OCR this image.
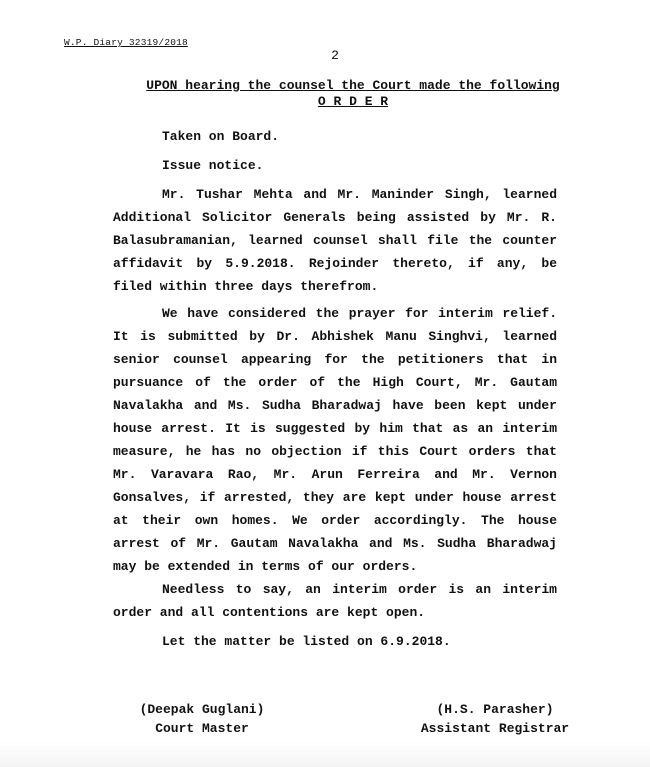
W.P. Diary 32319/2018
2
UPON hearing the counsel the Court made the following
O R D E R

Taken on Board.

Issue notice.

Mr. Tushar Mehta and Mr. Maninder Singh, learned Additional Solicitor Generals being assisted by Mr. R. Balasubramanian, learned counsel shall file the counter affidavit by 5.9.2018. Rejoinder thereto, if any, be filed within three days therefrom.

We have considered the prayer for interim relief. It is submitted by Dr. Abhishek Manu Singhvi, learned senior counsel appearing for the petitioners that in pursuance of the order of the High Court, Mr. Gautam Navalakha and Ms. Sudha Bharadwaj have been kept under house arrest. It is suggested by him that as an interim measure, he has no objection if this Court orders that Mr. Varavara Rao, Mr. Arun Ferreira and Mr. Vernon Gonsalves, if arrested, they are kept under house arrest at their own homes. We order accordingly. The house arrest of Mr. Gautam Navalakha and Ms. Sudha Bharadwaj may be extended in terms of our orders.

Needless to say, an interim order is an interim order and all contentions are kept open.

Let the matter be listed on 6.9.2018.

(Deepak Guglani)
Court Master
(H.S. Parasher)
Assistant Registrar
